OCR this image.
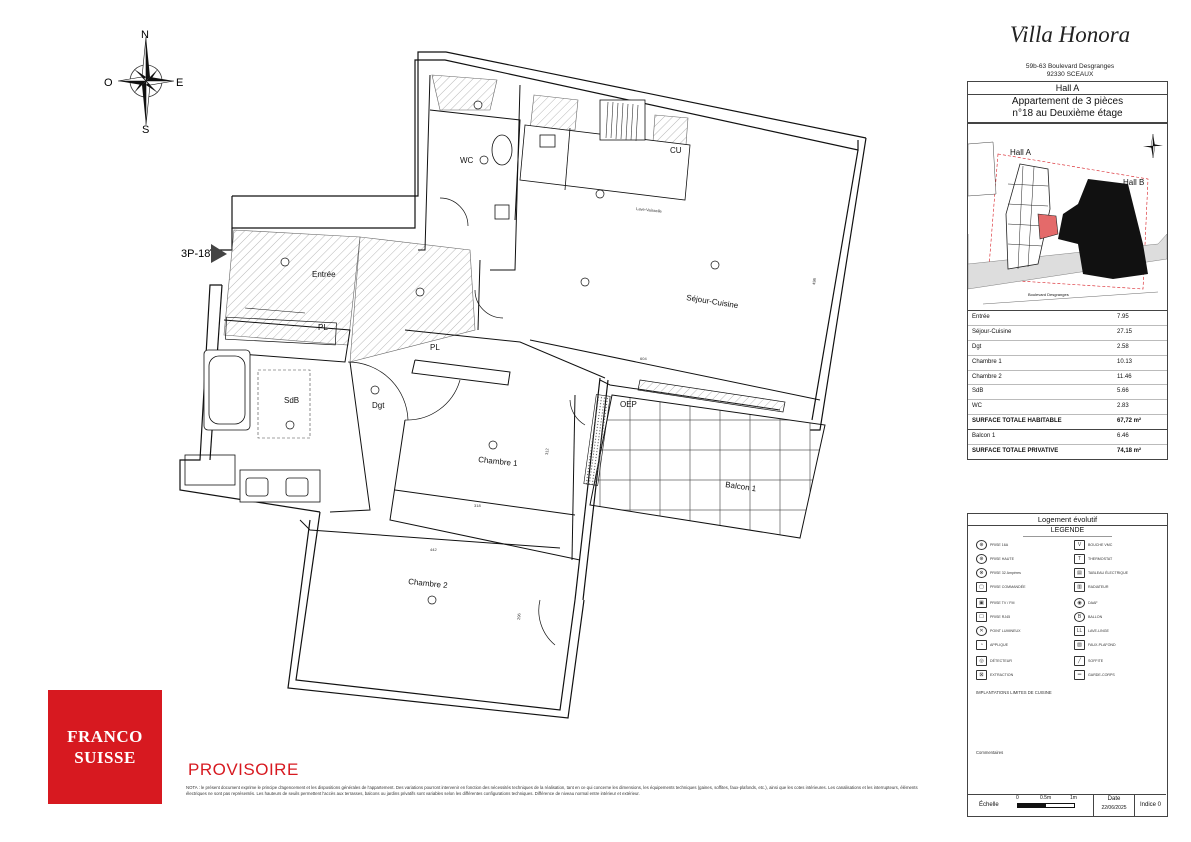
N
S
E
O
3P-18
Entrée
Séjour-Cuisine
WC
SdB
Dgt
Chambre 1
Chambre 2
Balcon 1
PL
PL
OEP
CU
Lave-Vaisselle
604
498
318
312
442
296
FRANCO
SUISSE
PROVISOIRE
NOTA : le présent document exprime le principe d'agencement et les dispositions générales de l'appartement. Des variations pourront intervenir en fonction des nécessités techniques de la réalisation, tant en ce qui concerne les dimensions, les équipements techniques (gaines, soffites, faux-plafonds, etc.), ainsi que les cotes intérieures. Les canalisations et les interrupteurs, éléments électriques ne sont pas représentés. Les hauteurs de seuils permettent l'accès aux terrasses, balcons ou jardins privatifs sont variables selon les différentes configurations techniques. Différence de niveau normal entre intérieur et extérieur.
Villa Honora
59b-63 Boulevard Desgranges
92330 SCEAUX
Hall A
Appartement de 3 pièces
n°18 au Deuxième étage
Hall A
Hall B
Boulevard Desgranges
Entrée	7.95
Séjour-Cuisine	27.15
Dgt	2.58
Chambre 1	10.13
Chambre 2	11.46
SdB	5.66
WC	2.83
SURFACE TOTALE HABITABLE	67,72 m²
Balcon 1	6.46
SURFACE TOTALE PRIVATIVE	74,18 m²
Logement évolutif
LEGENDE
⊕	PRISE 16A
⊕	PRISE HAUTE
⊗	PRISE 32 Ampères
▢	PRISE COMMANDÉE
▣	PRISE TV / FM
☐	PRISE RJ45
✕	POINT LUMINEUX
◔	APPLIQUE
◎	DÉTECTEUR
⊠	EXTRACTION
V	BOUCHE VMC
T	THERMOSTAT
▤	TABLEAU ÉLECTRIQUE
▥	RADIATEUR
◉	DAAF
B	BALLON
LL	LAVE-LINGE
▨	FAUX-PLAFOND
╱	SOFFITE
═	GARDE-CORPS
IMPLANTATIONS LIMITES DE CUISINE
Commentaires
Échelle
0	0.5m	1m	Date
22/06/2025	Indice 0
